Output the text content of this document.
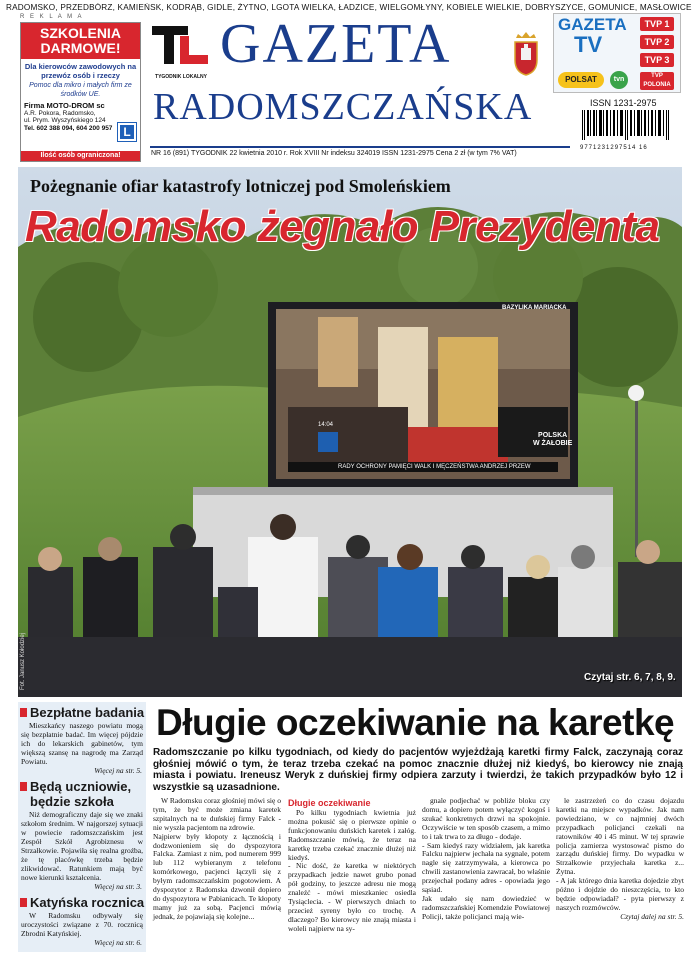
RADOMSKO, PRZEDBÓRZ, KAMIEŃSK, KODRĄB, GIDLE, ŻYTNO, LGOTA WIELKA, ŁADZICE, WIELGOMŁYNY, KOBIELE WIELKIE, DOBRYSZYCE, GOMUNICE, MASŁOWICE
R E K L A M A
SZKOLENIA DARMOWE!
Dla kierowców zawodowych na przewóz osób i rzeczy
Pomoc dla mikro i małych firm ze środków UE.
Firma MOTO-DROM sc
A.R. Pokora, Radomsko,
ul. Prym. Wyszyńskiego 124
Tel. 602 388 094, 604 200 957 L
Ilość osób ograniczona!
TYGODNIK LOKALNY
GAZETA
RADOMSZCZAŃSKA
GAZETA
TV
TVP 1
TVP 2
TVP 3
POLSAT	tvn	TVP POLONIA
ISSN 1231-2975
9771231297514 16
NR 16 (891) TYGODNIK 22 kwietnia 2010 r. Rok XVIII Nr indeksu 324019 ISSN 1231-2975 Cena 2 zł (w tym 7% VAT)
BAZYLIKA MARIACKA
14:04
POLSKA
W ŻAŁOBIE
RADY OCHRONY PAMIĘCI WALK I MĘCZEŃSTWA ANDRZEJ PRZEW
Pożegnanie ofiar katastrofy lotniczej pod Smoleńskiem
Radomsko żegnało Prezydenta
Czytaj str. 6, 7, 8, 9.
Fot. Janusz Kołodziej
Bezpłatne badania
Mieszkańcy naszego powiatu mogą się bezpłatnie badać. Im więcej pójdzie ich do lekarskich gabinetów, tym większą szansę na nagrodę ma Zarząd Powiatu.
Więcej na str. 5.
Będą uczniowie, będzie szkoła
Niż demograficzny daje się we znaki szkołom średnim. W najgorszej sytuacji w powiecie radomszczańskim jest Zespół Szkół Agrobiznesu w Strzałkowie. Pojawiła się realna groźba, że tę placówkę trzeba będzie zlikwidować. Ratunkiem mają być nowe kierunki kształcenia.
Więcej na str. 3.
Katyńska rocznica
W Radomsku odbywały się uroczystości związane z 70. rocznicą Zbrodni Katyńskiej.
Więcej na str. 6.
Długie oczekiwanie na karetkę
Radomszczanie po kilku tygodniach, od kiedy do pacjentów wyjeżdżają karetki firmy Falck, zaczynają coraz głośniej mówić o tym, że teraz trzeba czekać na pomoc znacznie dłużej niż kiedyś, bo kierowcy nie znają miasta i powiatu. Ireneusz Weryk z duńskiej firmy odpiera zarzuty i twierdzi, że takich przypadków było 12 i wszystkie są uzasadnione.

W Radomsku coraz głośniej mówi się o tym, że być może zmiana karetek szpitalnych na te duńskiej firmy Falck - nie wyszła pacjentom na zdrowie.
Najpierw były kłopoty z łącznością i dodzwonieniem się do dyspozytora Falcka. Zamiast z nim, pod numerem 999 lub 112 wybieranym z telefonu komórkowego, pacjenci łączyli się z byłym radomszczańskim pogotowiem. A dyspozytor z Radomska dzwonił dopiero do dyspozytora w Pabianicach. Te kłopoty mamy już za sobą. Pacjenci mówią jednak, że pojawiają się kolejne...

Długie oczekiwanie

Po kilku tygodniach kwietnia już można pokusić się o pierwsze opinie o funkcjonowaniu duńskich karetek i załóg. Radomszczanie mówią, że teraz na karetkę trzeba czekać znacznie dłużej niż kiedyś.
- Nic dość, że karetka w niektórych przypadkach jedzie nawet grubo ponad pół godziny, to jeszcze adresu nie mogą znaleźć - mówi mieszkaniec osiedla Tysiąclecia. - W pierwszych dniach to przecież syreny było co trochę. A dlaczego? Bo kierowcy nie znają miasta i woleli najpierw na sy-

gnale podjechać w pobliże bloku czy domu, a dopiero potem wyłączyć kogoś i szukać konkretnych drzwi na spokojnie. Oczywiście w ten sposób czasem, a mimo to i tak trwa to za długo - dodaje.
- Sam kiedyś razy widziałem, jak karetka Falcku najpierw jechała na sygnale, potem nagle się zatrzymywała, a kierowca po chwili zastanowienia zawracał, bo właśnie przejechał podany adres - opowiada jego sąsiad.
Jak udało się nam dowiedzieć w radomszczańskiej Komendzie Powiatowej Policji, także policjanci mają wie-

le zastrzeżeń co do czasu dojazdu karetki na miejsce wypadków. Jak nam powiedziano, w co najmniej dwóch przypadkach policjanci czekali na ratowników 40 i 45 minut. W tej sprawie policja zamierza wystosować pismo do zarządu duńskiej firmy. Do wypadku w Strzałkowie przyjechała karetka z... Żytna.
- A jak którego dnia karetka dojedzie zbyt późno i dojdzie do nieszczęścia, to kto będzie odpowiadał? - pyta pierwszy z naszych rozmówców.

Czytaj dalej na str. 5.
